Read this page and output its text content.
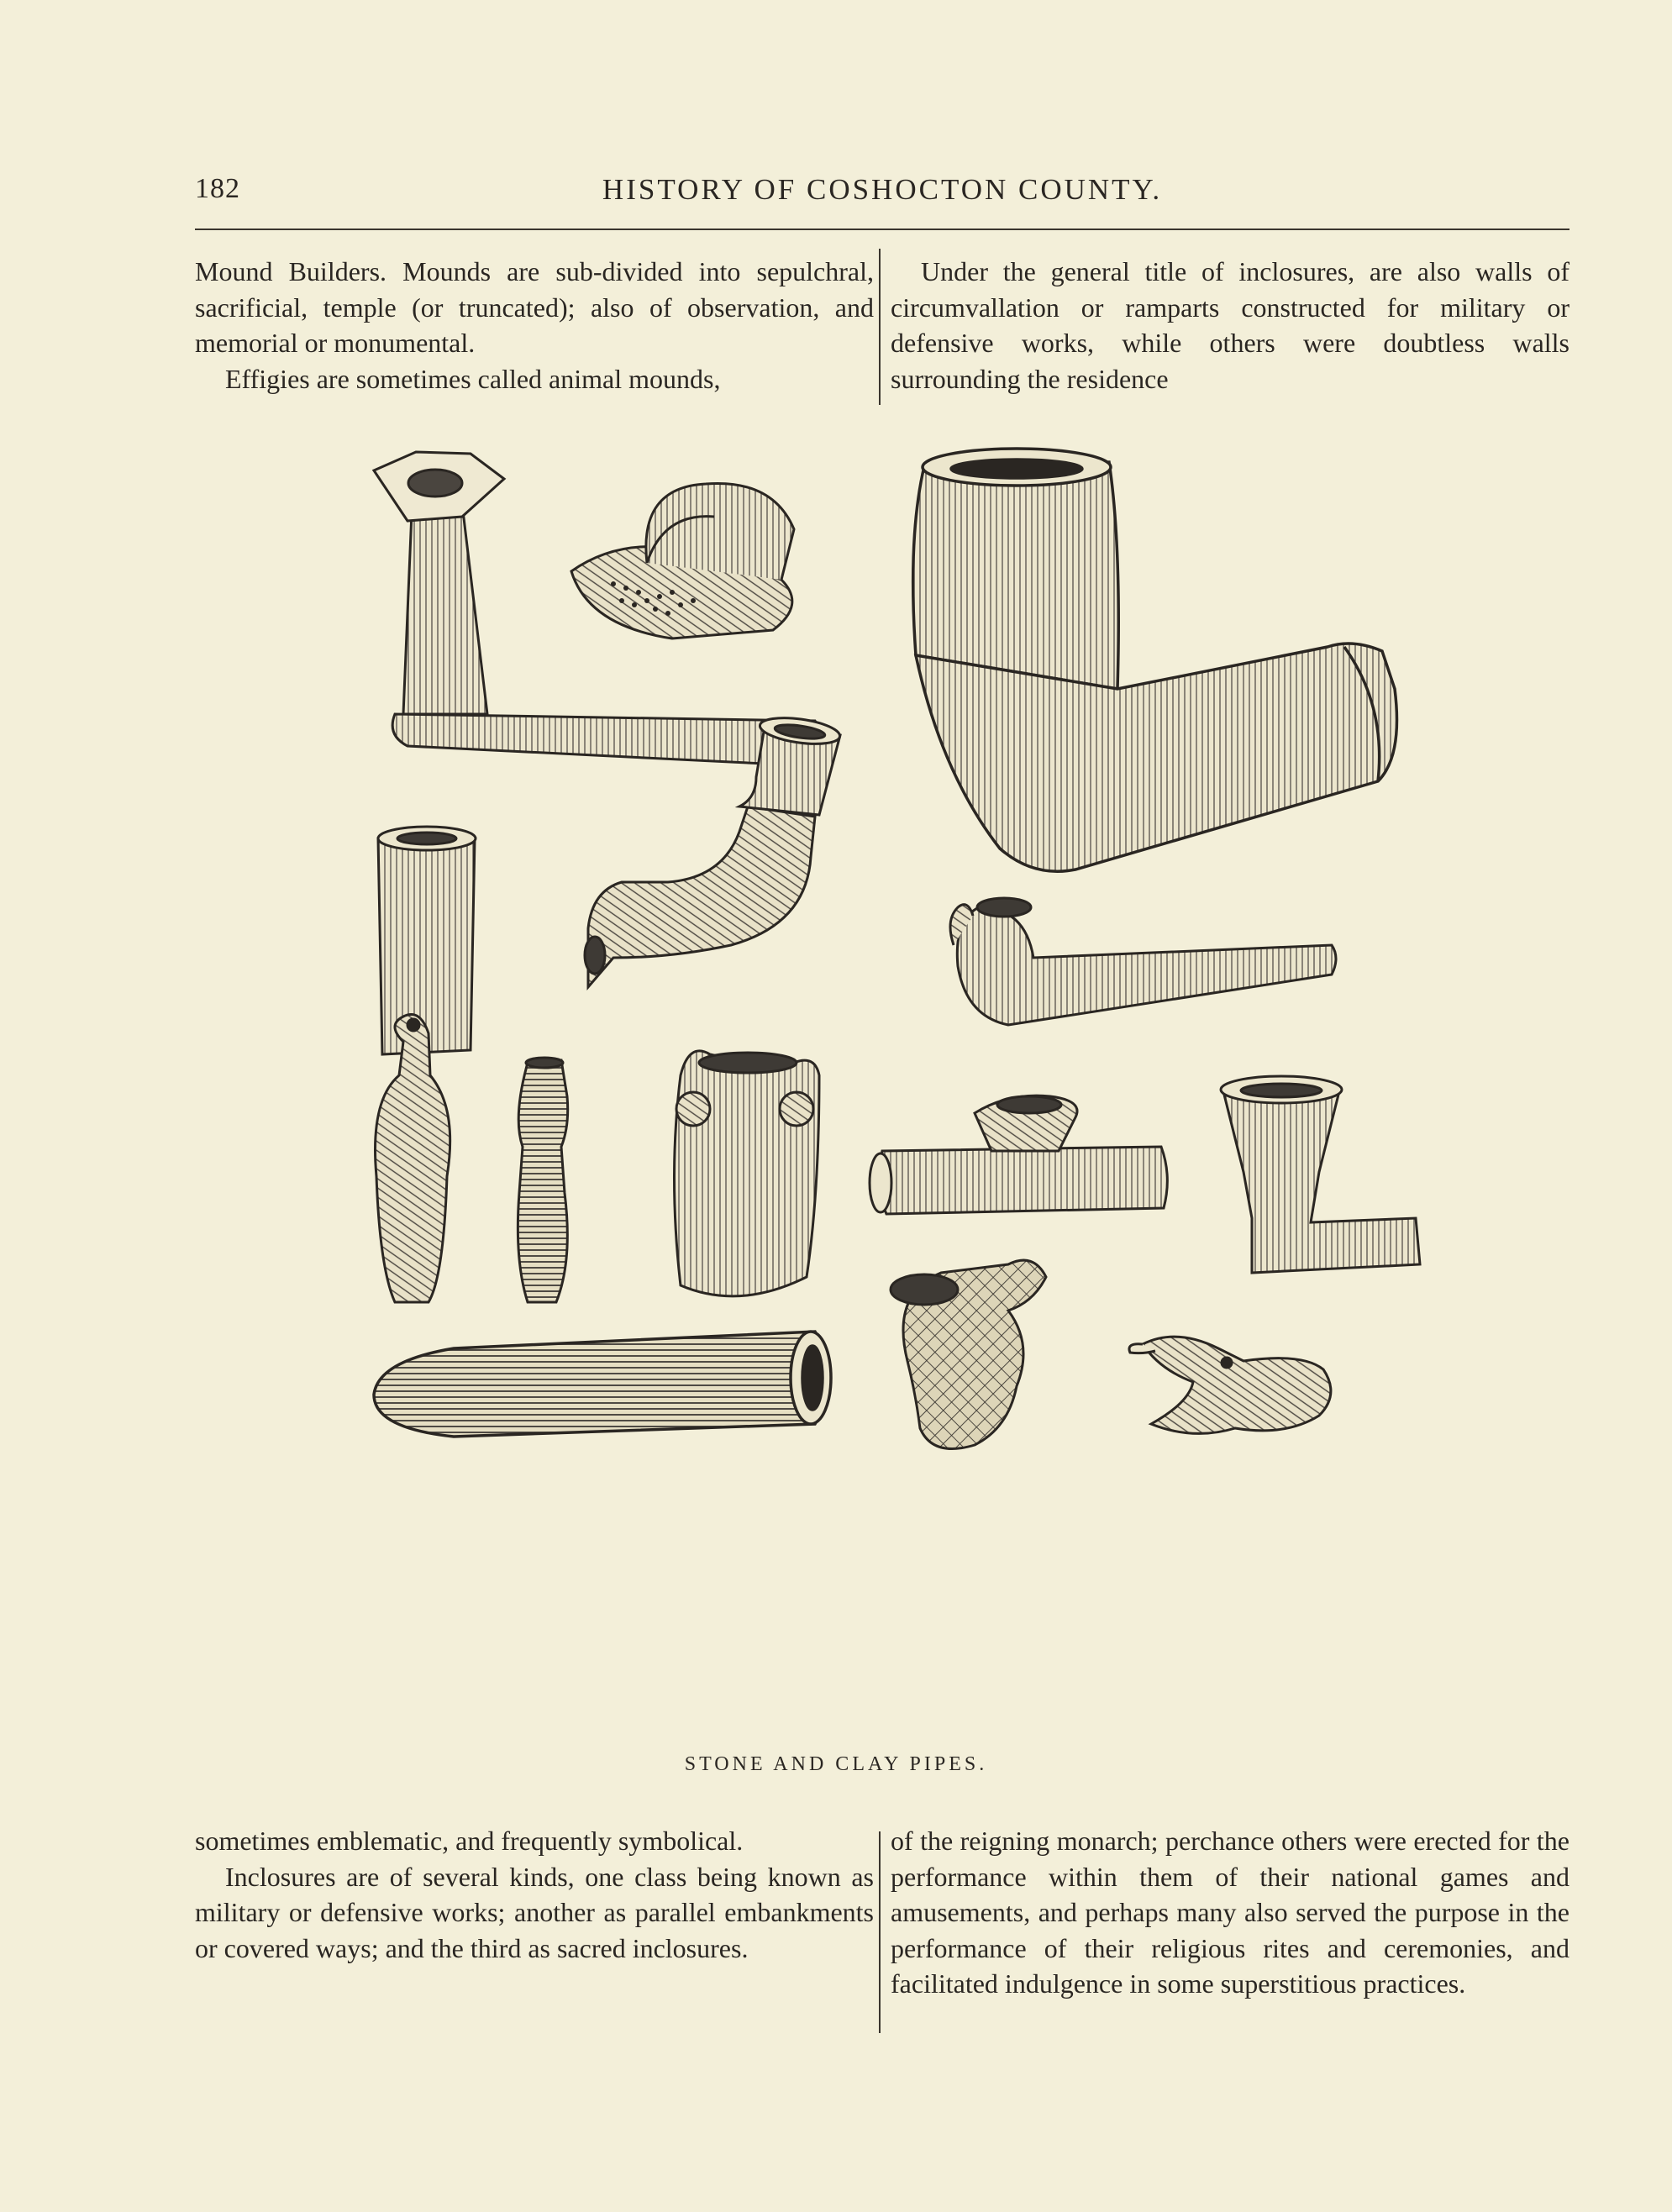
182	HISTORY OF COSHOCTON COUNTY.

Mound Builders. Mounds are sub-divided into sepulchral, sacrificial, temple (or truncated); also of observation, and memorial or monumental.

Effigies are sometimes called animal mounds,

Under the general title of inclosures, are also walls of circumvallation or ramparts constructed for military or defensive works, while others were doubtless walls surrounding the residence

STONE AND CLAY PIPES.

sometimes emblematic, and frequently symbolical.

Inclosures are of several kinds, one class being known as military or defensive works; another as parallel embankments or covered ways; and the third as sacred inclosures.

of the reigning monarch; perchance others were erected for the performance within them of their national games and amusements, and perhaps many also served the purpose in the performance of their religious rites and ceremonies, and facilitated indulgence in some superstitious practices.
